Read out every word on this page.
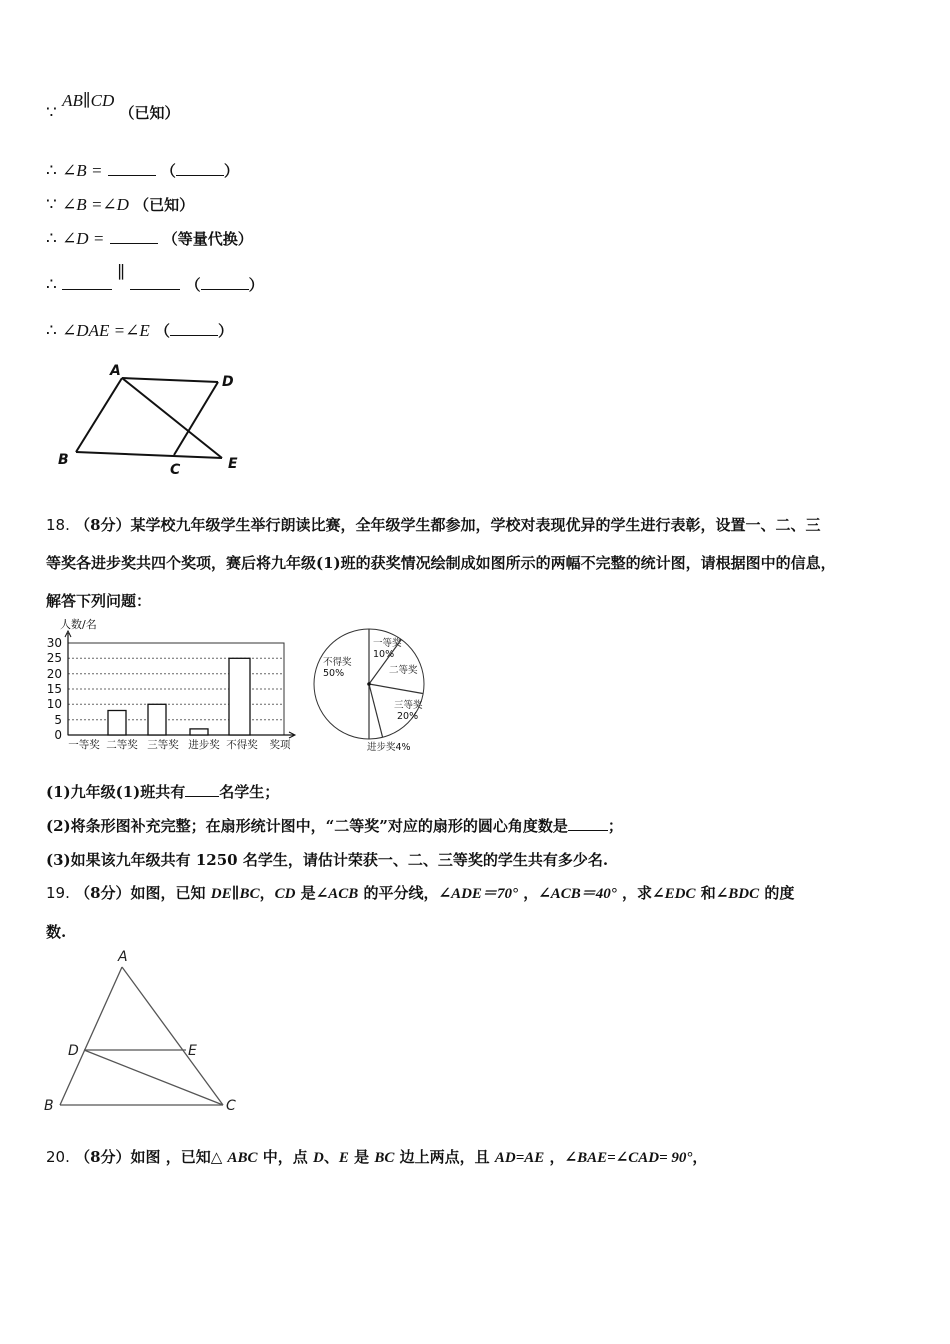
∵ AB∥CD （已知）
∴ ∠B =	（	）
∵ ∠B =∠D （已知）
∴ ∠D =	（等量代换）
∴  ∥  （	）
∴ ∠DAE =∠E （	）
A
D
B
C	E
18. （8分）某学校九年级学生举行朗读比赛，全年级学生都参加，学校对表现优异的学生进行表彰，设置一、二、三
等奖各进步奖共四个奖项，赛后将九年级(1)班的获奖情况绘制成如图所示的两幅不完整的统计图，请根据图中的信息，
解答下列问题：
人数/名
0
5
10
15
20
25
30
一等奖 二等奖 三等奖 进步奖 不得奖 奖项
一等奖
10%
二等奖
三等奖
20%
进步奖4%
不得奖
50%
(1)九年级(1)班共有 名学生；
(2)将条形图补充完整；在扇形统计图中，“二等奖”对应的扇形的圆心角度数是	；
(3)如果该九年级共有 1250 名学生，请估计荣获一、二、三等奖的学生共有多少名.
19. （8分）如图，已知 DE∥BC，CD 是∠ACB 的平分线，∠ADE＝70° ，∠ACB＝40° ，求∠EDC 和∠BDC 的度
数.
A
D	E
B	C
20. （8分）如图 ，已知△ ABC 中，点 D、E 是 BC 边上两点，且 AD=AE ，∠BAE=∠CAD= 90°，
